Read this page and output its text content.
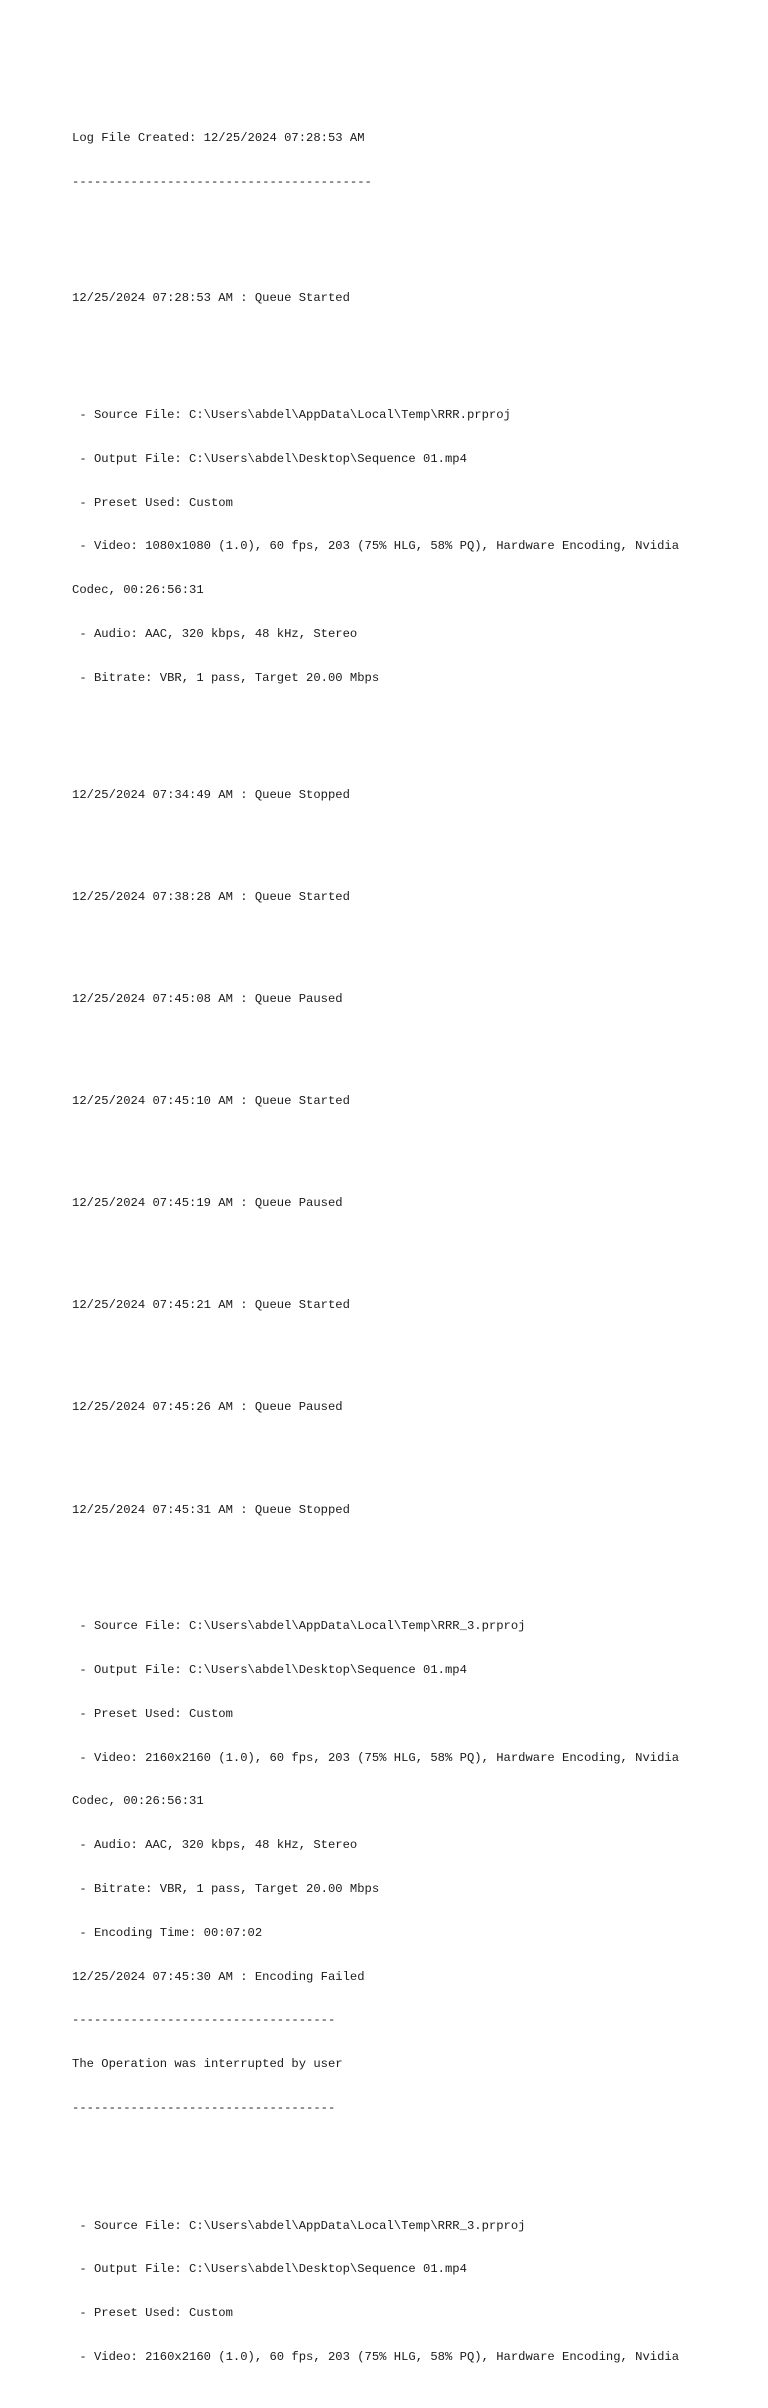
Log File Created: 12/25/2024 07:28:53 AM

-----------------------------------------

12/25/2024 07:28:53 AM : Queue Started

- Source File: C:\Users\abdel\AppData\Local\Temp\RRR.prproj

- Output File: C:\Users\abdel\Desktop\Sequence 01.mp4

- Preset Used: Custom

- Video: 1080x1080 (1.0), 60 fps, 203 (75% HLG, 58% PQ), Hardware Encoding, Nvidia

Codec, 00:26:56:31

- Audio: AAC, 320 kbps, 48 kHz, Stereo

- Bitrate: VBR, 1 pass, Target 20.00 Mbps

12/25/2024 07:34:49 AM : Queue Stopped

12/25/2024 07:38:28 AM : Queue Started

12/25/2024 07:45:08 AM : Queue Paused

12/25/2024 07:45:10 AM : Queue Started

12/25/2024 07:45:19 AM : Queue Paused

12/25/2024 07:45:21 AM : Queue Started

12/25/2024 07:45:26 AM : Queue Paused

12/25/2024 07:45:31 AM : Queue Stopped

- Source File: C:\Users\abdel\AppData\Local\Temp\RRR_3.prproj

- Output File: C:\Users\abdel\Desktop\Sequence 01.mp4

- Preset Used: Custom

- Video: 2160x2160 (1.0), 60 fps, 203 (75% HLG, 58% PQ), Hardware Encoding, Nvidia

Codec, 00:26:56:31

- Audio: AAC, 320 kbps, 48 kHz, Stereo

- Bitrate: VBR, 1 pass, Target 20.00 Mbps

- Encoding Time: 00:07:02

12/25/2024 07:45:30 AM : Encoding Failed

------------------------------------

The Operation was interrupted by user

------------------------------------

- Source File: C:\Users\abdel\AppData\Local\Temp\RRR_3.prproj

- Output File: C:\Users\abdel\Desktop\Sequence 01.mp4

- Preset Used: Custom

- Video: 2160x2160 (1.0), 60 fps, 203 (75% HLG, 58% PQ), Hardware Encoding, Nvidia
